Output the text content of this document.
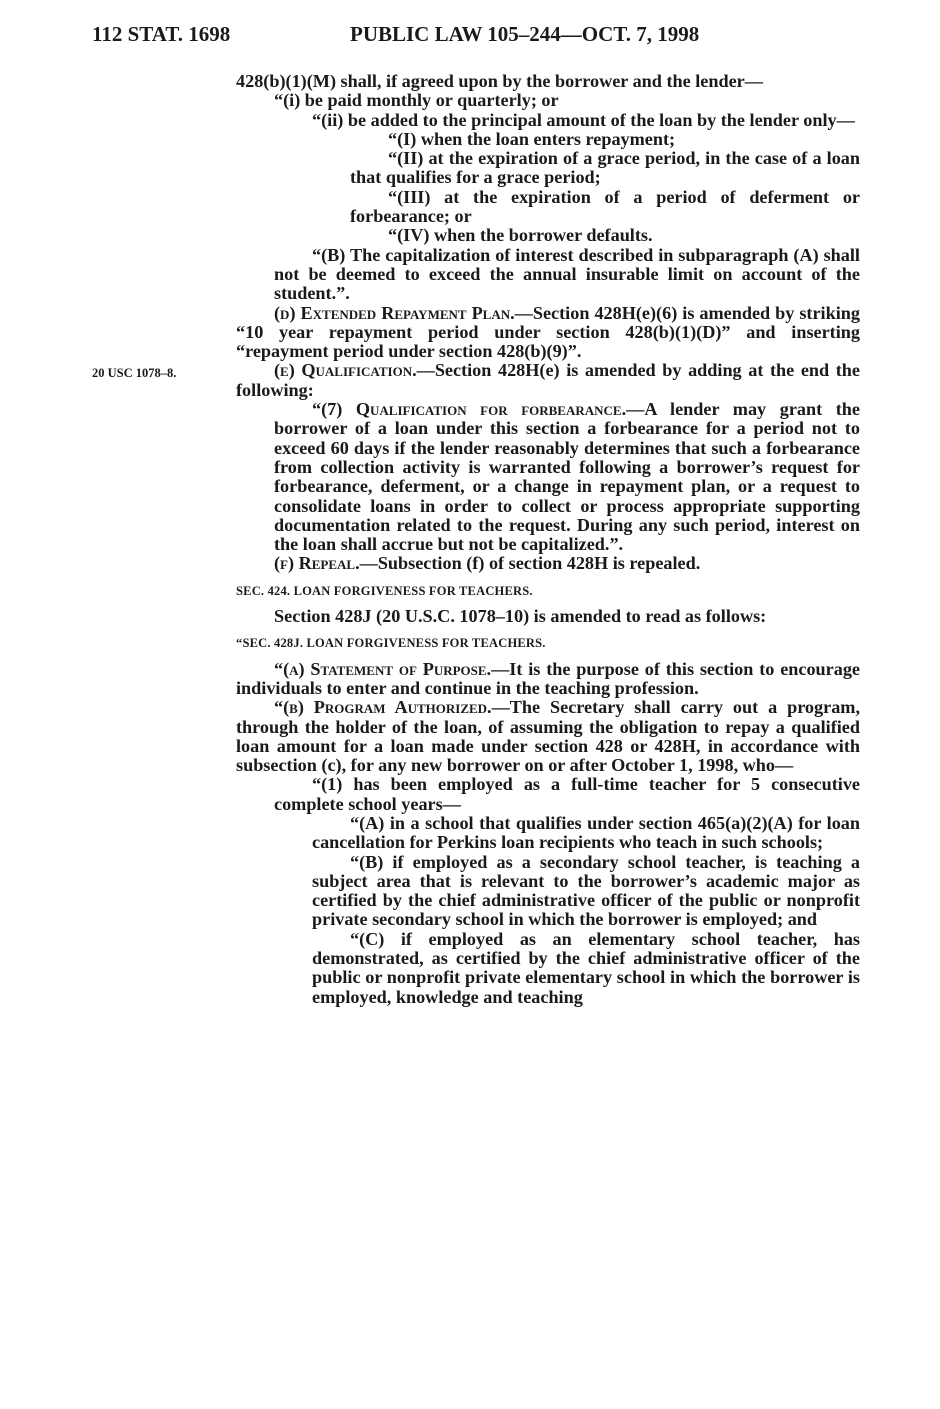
112 STAT. 1698	PUBLIC LAW 105–244—OCT. 7, 1998
20 USC 1078–8.

428(b)(1)(M) shall, if agreed upon by the borrower and the lender—

“(i) be paid monthly or quarterly; or

“(ii) be added to the principal amount of the loan by the lender only—

“(I) when the loan enters repayment;

“(II) at the expiration of a grace period, in the case of a loan that qualifies for a grace period;

“(III) at the expiration of a period of deferment or forbearance; or

“(IV) when the borrower defaults.

“(B) The capitalization of interest described in subparagraph (A) shall not be deemed to exceed the annual insurable limit on account of the student.”.

(d) Extended Repayment Plan.—Section 428H(e)(6) is amended by striking “10 year repayment period under section 428(b)(1)(D)” and inserting “repayment period under section 428(b)(9)”.

(e) Qualification.—Section 428H(e) is amended by adding at the end the following:

“(7) Qualification for forbearance.—A lender may grant the borrower of a loan under this section a forbearance for a period not to exceed 60 days if the lender reasonably determines that such a forbearance from collection activity is warranted following a borrower’s request for forbearance, deferment, or a change in repayment plan, or a request to consolidate loans in order to collect or process appropriate supporting documentation related to the request. During any such period, interest on the loan shall accrue but not be capitalized.”.

(f) Repeal.—Subsection (f) of section 428H is repealed.

SEC. 424. LOAN FORGIVENESS FOR TEACHERS.

Section 428J (20 U.S.C. 1078–10) is amended to read as follows:

“SEC. 428J. LOAN FORGIVENESS FOR TEACHERS.

“(a) Statement of Purpose.—It is the purpose of this section to encourage individuals to enter and continue in the teaching profession.

“(b) Program Authorized.—The Secretary shall carry out a program, through the holder of the loan, of assuming the obligation to repay a qualified loan amount for a loan made under section 428 or 428H, in accordance with subsection (c), for any new borrower on or after October 1, 1998, who—

“(1) has been employed as a full-time teacher for 5 consecutive complete school years—

“(A) in a school that qualifies under section 465(a)(2)(A) for loan cancellation for Perkins loan recipients who teach in such schools;

“(B) if employed as a secondary school teacher, is teaching a subject area that is relevant to the borrower’s academic major as certified by the chief administrative officer of the public or nonprofit private secondary school in which the borrower is employed; and

“(C) if employed as an elementary school teacher, has demonstrated, as certified by the chief administrative officer of the public or nonprofit private elementary school in which the borrower is employed, knowledge and teaching
